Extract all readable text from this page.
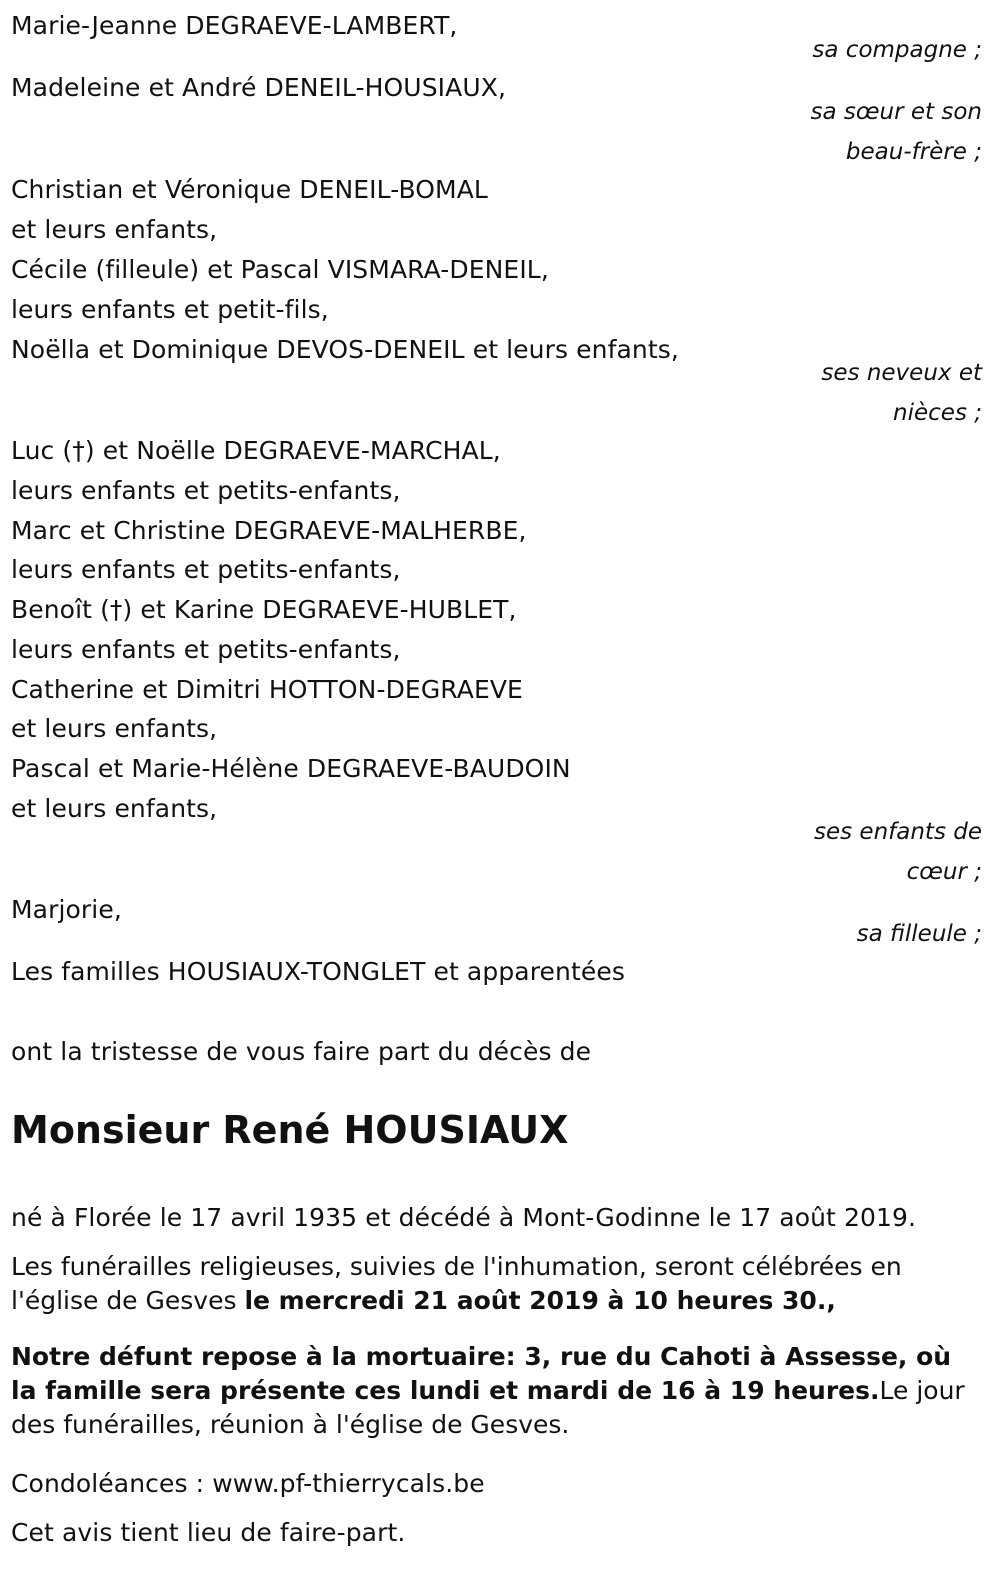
Marie-Jeanne DEGRAEVE-LAMBERT,
sa compagne ;
Madeleine et André DENEIL-HOUSIAUX,
sa sœur et son
beau-frère ;
Christian et Véronique DENEIL-BOMAL
et leurs enfants,
Cécile (filleule) et Pascal VISMARA-DENEIL,
leurs enfants et petit-fils,
Noëlla et Dominique DEVOS-DENEIL et leurs enfants,
ses neveux et
nièces ;
Luc (†) et Noëlle DEGRAEVE-MARCHAL,
leurs enfants et petits-enfants,
Marc et Christine DEGRAEVE-MALHERBE,
leurs enfants et petits-enfants,
Benoît (†) et Karine DEGRAEVE-HUBLET,
leurs enfants et petits-enfants,
Catherine et Dimitri HOTTON-DEGRAEVE
et leurs enfants,
Pascal et Marie-Hélène DEGRAEVE-BAUDOIN
et leurs enfants,
ses enfants de
cœur ;
Marjorie,
sa filleule ;
Les familles HOUSIAUX-TONGLET et apparentées
ont la tristesse de vous faire part du décès de
Monsieur René HOUSIAUX
né à Florée le 17 avril 1935 et décédé à Mont-Godinne le 17 août 2019.
Les funérailles religieuses, suivies de l'inhumation, seront célébrées en l'église de Gesves le mercredi 21 août 2019 à 10 heures 30.,
Notre défunt repose à la mortuaire: 3, rue du Cahoti à Assesse, où la famille sera présente ces lundi et mardi de 16 à 19 heures.Le jour des funérailles, réunion à l'église de Gesves.
Condoléances : www.pf-thierrycals.be
Cet avis tient lieu de faire-part.
